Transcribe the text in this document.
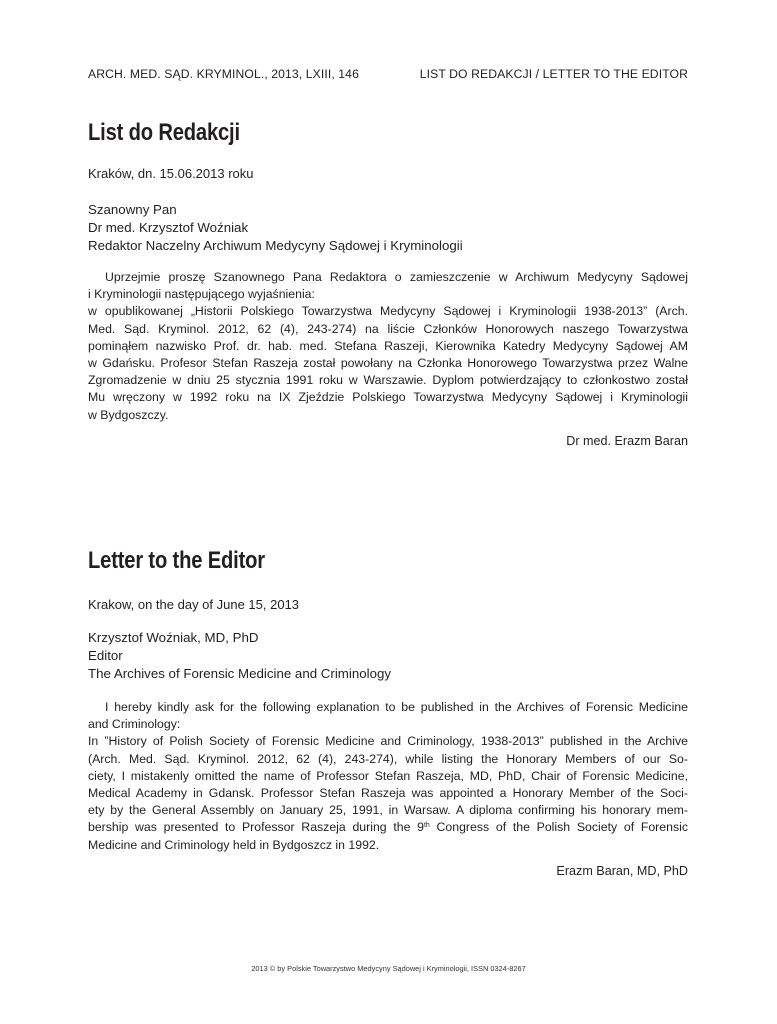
ARCH. MED. SĄD. KRYMINOL., 2013, LXIII, 146	LIST DO REDAKCJI / LETTER TO THE EDITOR
List do Redakcji
Kraków, dn. 15.06.2013 roku
Szanowny Pan
Dr med. Krzysztof Woźniak
Redaktor Naczelny Archiwum Medycyny Sądowej i Kryminologii
Uprzejmie proszę Szanownego Pana Redaktora o zamieszczenie w Archiwum Medycyny Sądowej
i Kryminologii następującego wyjaśnienia:
w opublikowanej „Historii Polskiego Towarzystwa Medycyny Sądowej i Kryminologii 1938-2013” (Arch.
Med. Sąd. Kryminol. 2012, 62 (4), 243-274) na liście Członków Honorowych naszego Towarzystwa
pominąłem nazwisko Prof. dr. hab. med. Stefana Raszeji, Kierownika Katedry Medycyny Sądowej AM
w Gdańsku. Profesor Stefan Raszeja został powołany na Członka Honorowego Towarzystwa przez Walne
Zgromadzenie w dniu 25 stycznia 1991 roku w Warszawie. Dyplom potwierdzający to członkostwo został
Mu wręczony w 1992 roku na IX Zjeździe Polskiego Towarzystwa Medycyny Sądowej i Kryminologii
w Bydgoszczy.
Dr med. Erazm Baran
Letter to the Editor
Krakow, on the day of June 15, 2013
Krzysztof Woźniak, MD, PhD
Editor
The Archives of Forensic Medicine and Criminology
I hereby kindly ask for the following explanation to be published in the Archives of Forensic Medicine
and Criminology:
In ”History of Polish Society of Forensic Medicine and Criminology, 1938-2013” published in the Archive
(Arch. Med. Sąd. Kryminol. 2012, 62 (4), 243-274), while listing the Honorary Members of our So-
ciety, I mistakenly omitted the name of Professor Stefan Raszeja, MD, PhD, Chair of Forensic Medicine,
Medical Academy in Gdansk. Professor Stefan Raszeja was appointed a Honorary Member of the Soci-
ety by the General Assembly on January 25, 1991, in Warsaw. A diploma confirming his honorary mem-
bership was presented to Professor Raszeja during the 9th Congress of the Polish Society of Forensic
Medicine and Criminology held in Bydgoszcz in 1992.
Erazm Baran, MD, PhD
2013 © by Polskie Towarzystwo Medycyny Sądowej i Kryminologii, ISSN 0324-8267
